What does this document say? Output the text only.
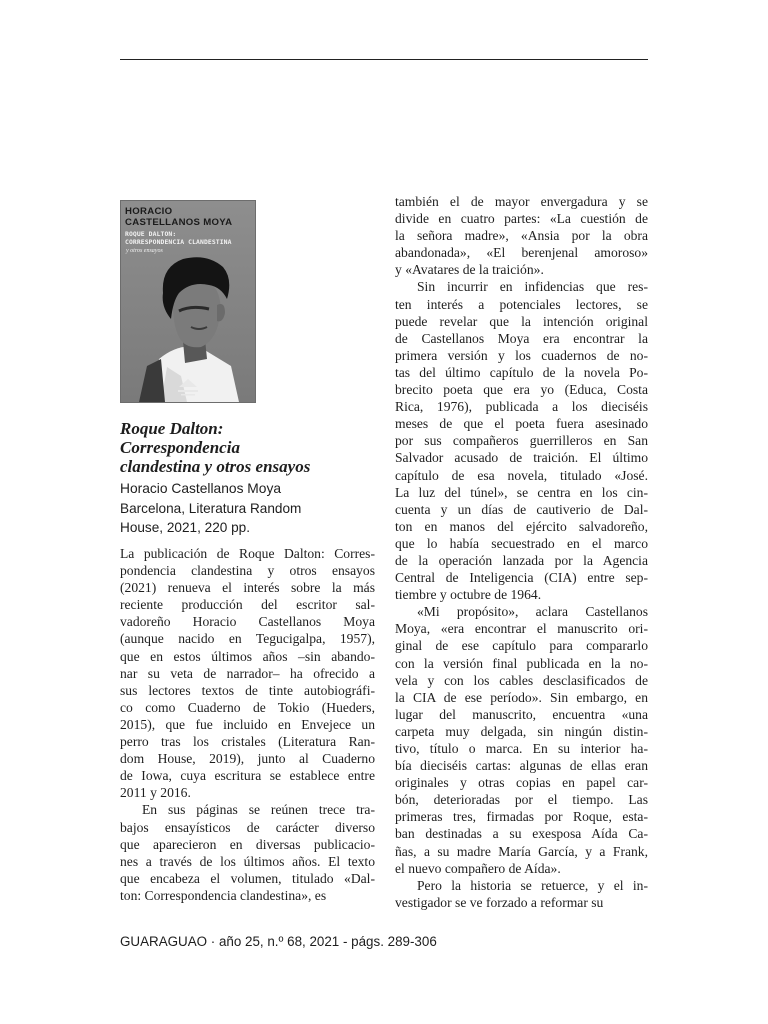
HORACIO
CASTELLANOS MOYA
ROQUE DALTON:
CORRESPONDENCIA CLANDESTINA
y otros ensayos
Roque Dalton:
Correspondencia
clandestina y otros ensayos
Horacio Castellanos Moya
Barcelona, Literatura Random
House, 2021, 220 pp.
La publicación de Roque Dalton: Corres-
pondencia clandestina y otros ensayos
(2021) renueva el interés sobre la más
reciente producción del escritor sal-
vadoreño Horacio Castellanos Moya
(aunque nacido en Tegucigalpa, 1957),
que en estos últimos años –sin abando-
nar su veta de narrador– ha ofrecido a
sus lectores textos de tinte autobiográfi-
co como Cuaderno de Tokio (Hueders,
2015), que fue incluido en Envejece un
perro tras los cristales (Literatura Ran-
dom House, 2019), junto al Cuaderno
de Iowa, cuya escritura se establece entre
2011 y 2016.
En sus páginas se reúnen trece tra-
bajos ensayísticos de carácter diverso
que aparecieron en diversas publicacio-
nes a través de los últimos años. El texto
que encabeza el volumen, titulado «Dal-
ton: Correspondencia clandestina», es
también el de mayor envergadura y se
divide en cuatro partes: «La cuestión de
la señora madre», «Ansia por la obra
abandonada», «El berenjenal amoroso»
y «Avatares de la traición».
Sin incurrir en infidencias que res-
ten interés a potenciales lectores, se
puede revelar que la intención original
de Castellanos Moya era encontrar la
primera versión y los cuadernos de no-
tas del último capítulo de la novela Po-
brecito poeta que era yo (Educa, Costa
Rica, 1976), publicada a los dieciséis
meses de que el poeta fuera asesinado
por sus compañeros guerrilleros en San
Salvador acusado de traición. El último
capítulo de esa novela, titulado «José.
La luz del túnel», se centra en los cin-
cuenta y un días de cautiverio de Dal-
ton en manos del ejército salvadoreño,
que lo había secuestrado en el marco
de la operación lanzada por la Agencia
Central de Inteligencia (CIA) entre sep-
tiembre y octubre de 1964.
«Mi propósito», aclara Castellanos
Moya, «era encontrar el manuscrito ori-
ginal de ese capítulo para compararlo
con la versión final publicada en la no-
vela y con los cables desclasificados de
la CIA de ese período». Sin embargo, en
lugar del manuscrito, encuentra «una
carpeta muy delgada, sin ningún distin-
tivo, título o marca. En su interior ha-
bía dieciséis cartas: algunas de ellas eran
originales y otras copias en papel car-
bón, deterioradas por el tiempo. Las
primeras tres, firmadas por Roque, esta-
ban destinadas a su exesposa Aída Ca-
ñas, a su madre María García, y a Frank,
el nuevo compañero de Aída».
Pero la historia se retuerce, y el in-
vestigador se ve forzado a reformar su
GUARAGUAO · año 25, n.º 68, 2021 - págs. 289-306
